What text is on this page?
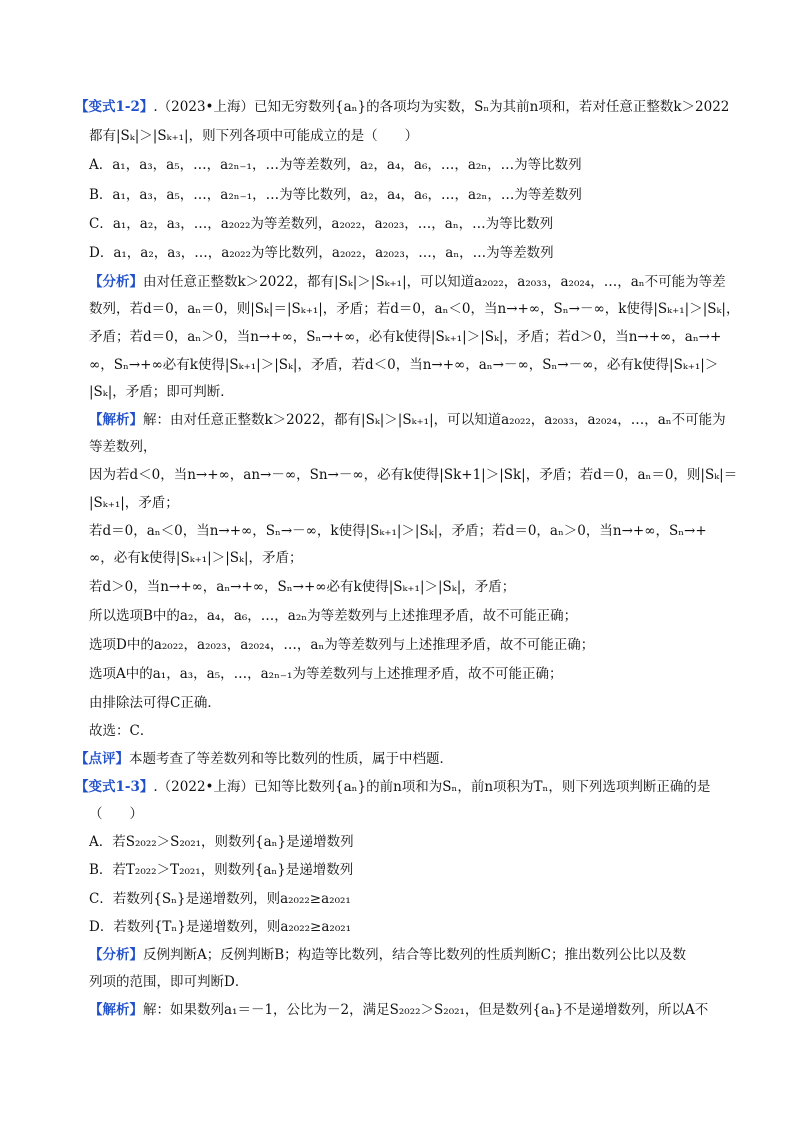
【变式1-2】.（2023•上海）已知无穷数列{aₙ}的各项均为实数，Sₙ为其前n项和，若对任意正整数k＞2022
都有|Sₖ|＞|Sₖ₊₁|，则下列各项中可能成立的是（　　）
A．a₁，a₃，a₅，…，a₂ₙ₋₁，…为等差数列，a₂，a₄，a₆，…，a₂ₙ，…为等比数列
B．a₁，a₃，a₅，…，a₂ₙ₋₁，…为等比数列，a₂，a₄，a₆，…，a₂ₙ，…为等差数列
C．a₁，a₂，a₃，…，a₂₀₂₂为等差数列，a₂₀₂₂，a₂₀₂₃，…，aₙ，…为等比数列
D．a₁，a₂，a₃，…，a₂₀₂₂为等比数列，a₂₀₂₂，a₂₀₂₃，…，aₙ，…为等差数列
【分析】由对任意正整数k＞2022，都有|Sₖ|＞|Sₖ₊₁|，可以知道a₂₀₂₂，a₂₀₃₃，a₂₀₂₄，…，aₙ不可能为等差
数列，若d＝0，aₙ＝0，则|Sₖ|＝|Sₖ₊₁|，矛盾；若d＝0，aₙ＜0，当n→+∞，Sₙ→－∞，k使得|Sₖ₊₁|＞|Sₖ|，
矛盾；若d＝0，aₙ＞0，当n→+∞，Sₙ→+∞，必有k使得|Sₖ₊₁|＞|Sₖ|，矛盾；若d＞0，当n→+∞，aₙ→+
∞，Sₙ→+∞必有k使得|Sₖ₊₁|＞|Sₖ|，矛盾，若d＜0，当n→+∞，aₙ→－∞，Sₙ→－∞，必有k使得|Sₖ₊₁|＞
|Sₖ|，矛盾；即可判断．
【解析】解：由对任意正整数k＞2022，都有|Sₖ|＞|Sₖ₊₁|，可以知道a₂₀₂₂，a₂₀₃₃，a₂₀₂₄，…，aₙ不可能为
等差数列，
因为若d＜0，当n→+∞，an→－∞，Sn→－∞，必有k使得|Sk+1|＞|Sk|，矛盾；若d＝0，aₙ＝0，则|Sₖ|＝
|Sₖ₊₁|，矛盾；
若d＝0，aₙ＜0，当n→+∞，Sₙ→－∞，k使得|Sₖ₊₁|＞|Sₖ|，矛盾；若d＝0，aₙ＞0，当n→+∞，Sₙ→+
∞，必有k使得|Sₖ₊₁|＞|Sₖ|，矛盾；
若d＞0，当n→+∞，aₙ→+∞，Sₙ→+∞必有k使得|Sₖ₊₁|＞|Sₖ|，矛盾；
所以选项B中的a₂，a₄，a₆，…，a₂ₙ为等差数列与上述推理矛盾，故不可能正确；
选项D中的a₂₀₂₂，a₂₀₂₃，a₂₀₂₄，…，aₙ为等差数列与上述推理矛盾，故不可能正确；
选项A中的a₁，a₃，a₅，…，a₂ₙ₋₁为等差数列与上述推理矛盾，故不可能正确；
由排除法可得C正确．
故选：C．
【点评】本题考查了等差数列和等比数列的性质，属于中档题．
【变式1-3】.（2022•上海）已知等比数列{aₙ}的前n项和为Sₙ，前n项积为Tₙ，则下列选项判断正确的是
（　　）
A．若S₂₀₂₂＞S₂₀₂₁，则数列{aₙ}是递增数列
B．若T₂₀₂₂＞T₂₀₂₁，则数列{aₙ}是递增数列
C．若数列{Sₙ}是递增数列，则a₂₀₂₂≥a₂₀₂₁
D．若数列{Tₙ}是递增数列，则a₂₀₂₂≥a₂₀₂₁
【分析】反例判断A；反例判断B；构造等比数列，结合等比数列的性质判断C；推出数列公比以及数
列项的范围，即可判断D．
【解析】解：如果数列a₁＝－1，公比为－2，满足S₂₀₂₂＞S₂₀₂₁，但是数列{aₙ}不是递增数列，所以A不
